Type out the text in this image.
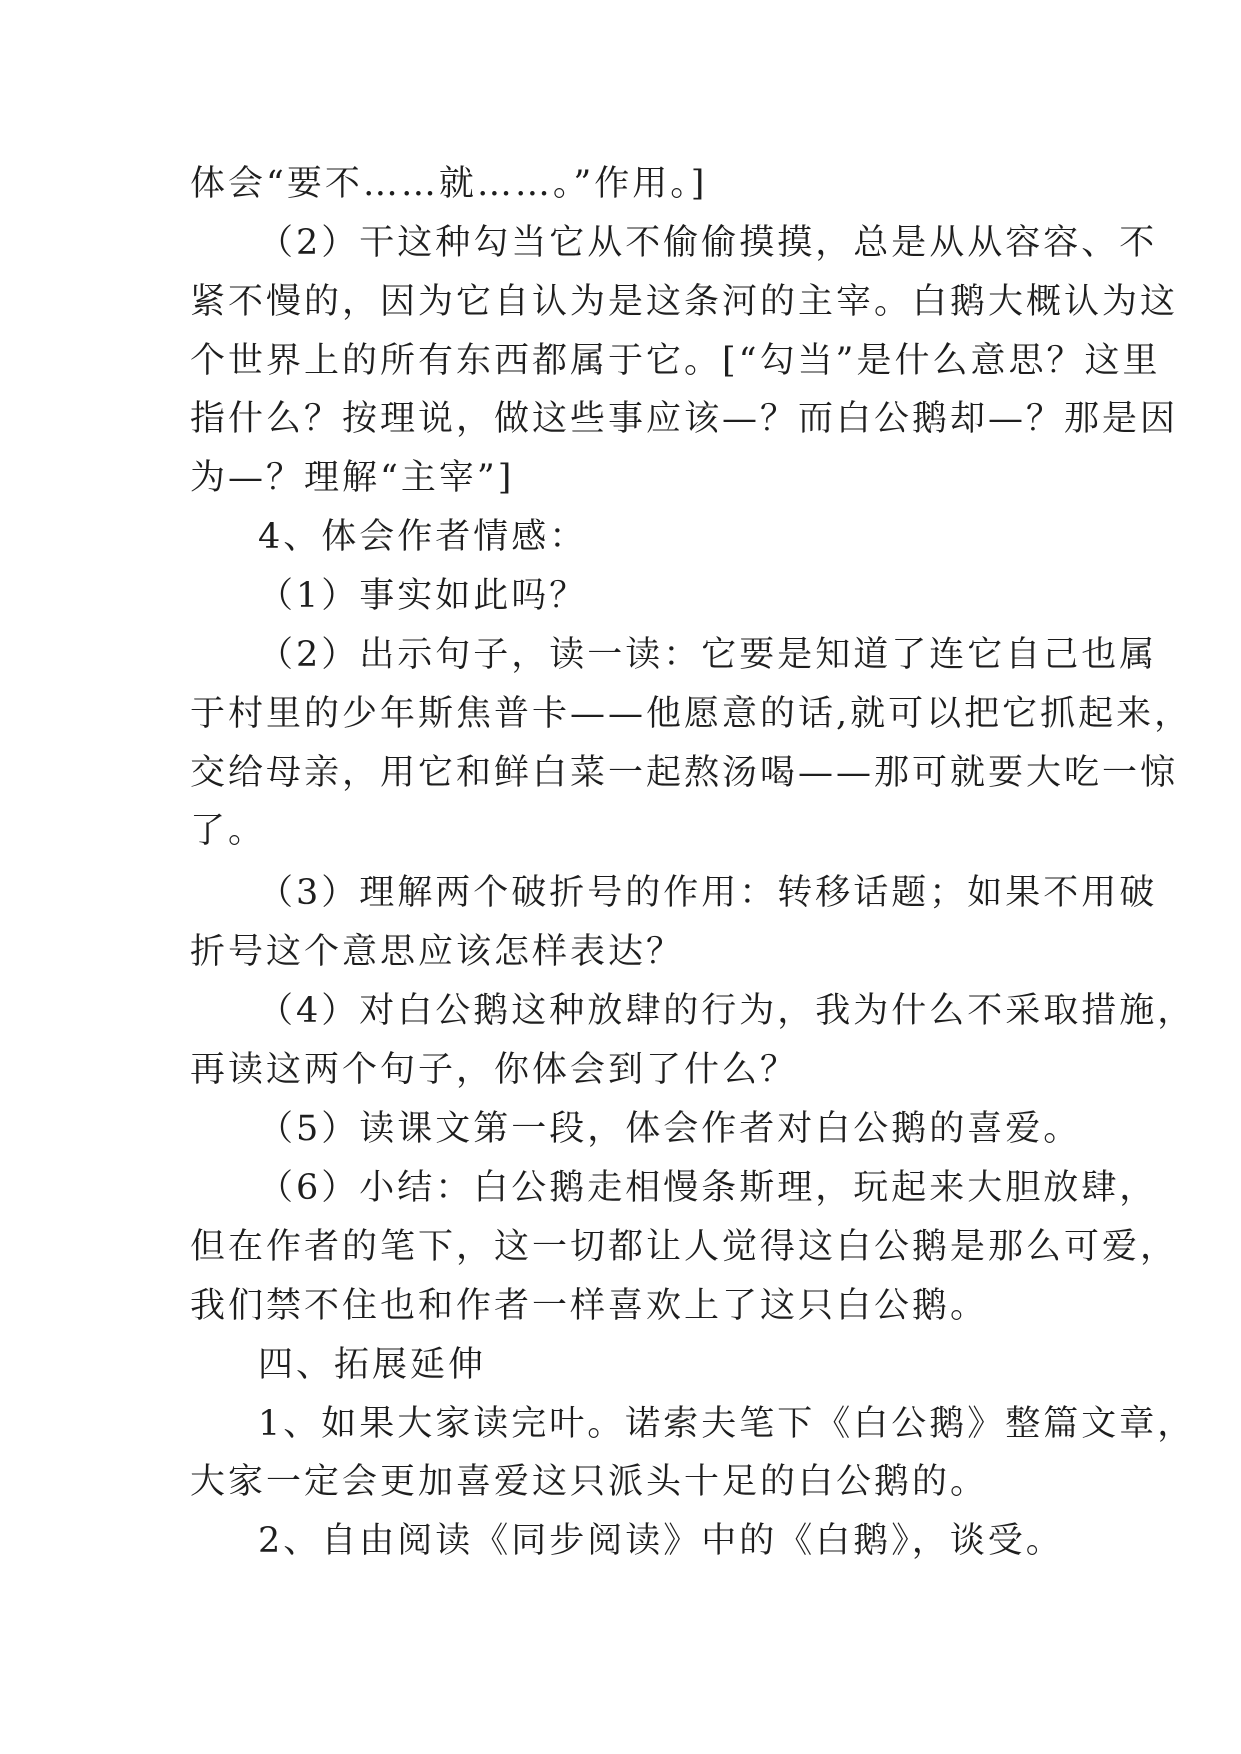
体会“要不……就……。”作用。]
（2）干这种勾当它从不偷偷摸摸，总是从从容容、不
紧不慢的，因为它自认为是这条河的主宰。白鹅大概认为这
个世界上的所有东西都属于它。[“勾当”是什么意思？这里
指什么？按理说，做这些事应该—？而白公鹅却—？那是因
为—？理解“主宰”]
4、体会作者情感：
（1）事实如此吗？
（2）出示句子，读一读：它要是知道了连它自己也属
于村里的少年斯焦普卡——他愿意的话,就可以把它抓起来，
交给母亲，用它和鲜白菜一起熬汤喝——那可就要大吃一惊
了。
（3）理解两个破折号的作用：转移话题；如果不用破
折号这个意思应该怎样表达？
（4）对白公鹅这种放肆的行为，我为什么不采取措施，
再读这两个句子，你体会到了什么？
（5）读课文第一段，体会作者对白公鹅的喜爱。
（6）小结：白公鹅走相慢条斯理，玩起来大胆放肆，
但在作者的笔下，这一切都让人觉得这白公鹅是那么可爱，
我们禁不住也和作者一样喜欢上了这只白公鹅。
四、拓展延伸
1、如果大家读完叶。诺索夫笔下《白公鹅》整篇文章，
大家一定会更加喜爱这只派头十足的白公鹅的。
2、自由阅读《同步阅读》中的《白鹅》，谈受。
